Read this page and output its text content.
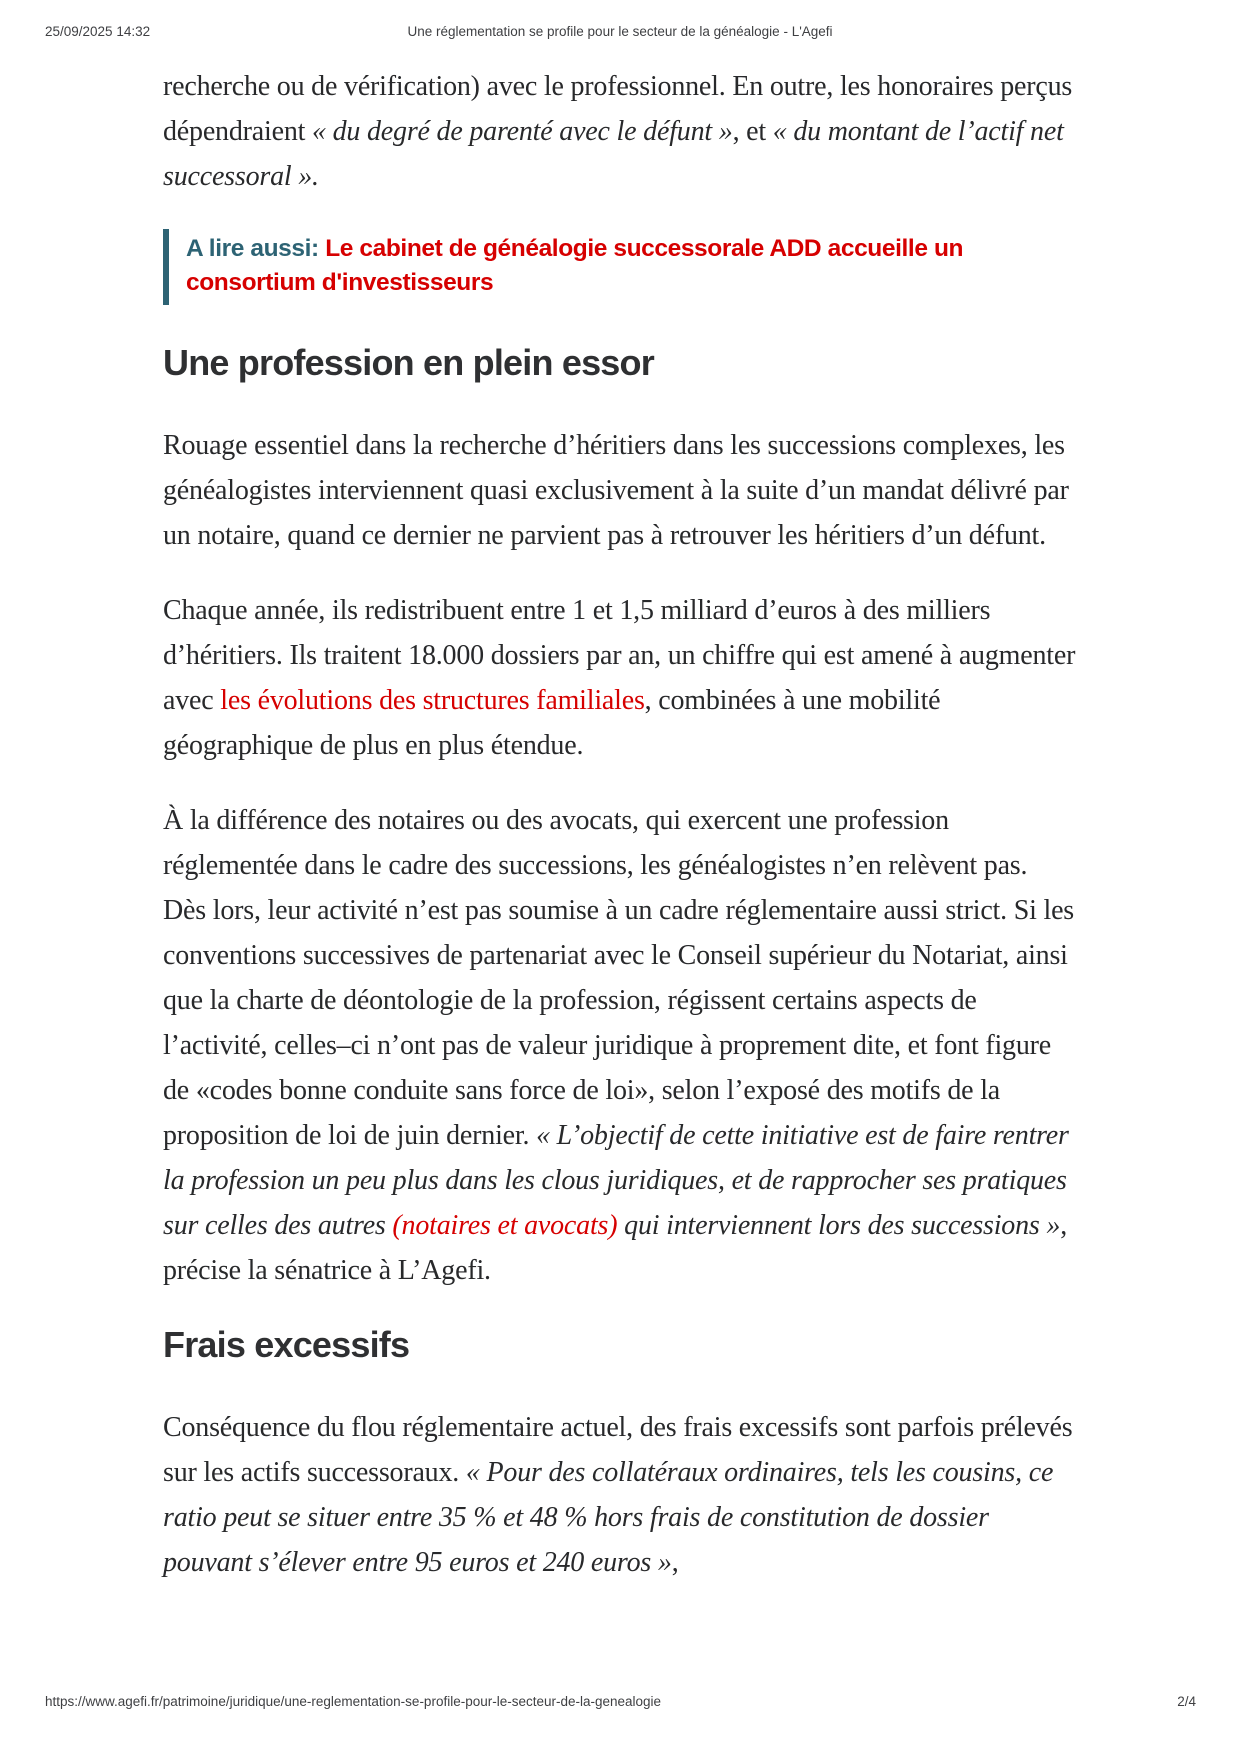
25/09/2025 14:32	Une réglementation se profile pour le secteur de la généalogie - L'Agefi

recherche ou de vérification) avec le professionnel. En outre, les honoraires perçus dépendraient « du degré de parenté avec le défunt », et « du montant de l’actif net successoral ».

A lire aussi: Le cabinet de généalogie successorale ADD accueille un consortium d'investisseurs
Une profession en plein essor

Rouage essentiel dans la recherche d’héritiers dans les successions complexes, les généalogistes interviennent quasi exclusivement à la suite d’un mandat délivré par un notaire, quand ce dernier ne parvient pas à retrouver les héritiers d’un défunt.

Chaque année, ils redistribuent entre 1 et 1,5 milliard d’euros à des milliers d’héritiers. Ils traitent 18.000 dossiers par an, un chiffre qui est amené à augmenter avec les évolutions des structures familiales, combinées à une mobilité géographique de plus en plus étendue.

À la différence des notaires ou des avocats, qui exercent une profession réglementée dans le cadre des successions, les généalogistes n’en relèvent pas. Dès lors, leur activité n’est pas soumise à un cadre réglementaire aussi strict. Si les conventions successives de partenariat avec le Conseil supérieur du Notariat, ainsi que la charte de déontologie de la profession, régissent certains aspects de l’activité, celles–ci n’ont pas de valeur juridique à proprement dite, et font figure de «codes bonne conduite sans force de loi», selon l’exposé des motifs de la proposition de loi de juin dernier. « L’objectif de cette initiative est de faire rentrer la profession un peu plus dans les clous juridiques, et de rapprocher ses pratiques sur celles des autres (notaires et avocats) qui interviennent lors des successions », précise la sénatrice à L’Agefi.

Frais excessifs

Conséquence du flou réglementaire actuel, des frais excessifs sont parfois prélevés sur les actifs successoraux. « Pour des collatéraux ordinaires, tels les cousins, ce ratio peut se situer entre 35 % et 48 % hors frais de constitution de dossier pouvant s’élever entre 95 euros et 240 euros »,

https://www.agefi.fr/patrimoine/juridique/une-reglementation-se-profile-pour-le-secteur-de-la-genealogie	2/4
